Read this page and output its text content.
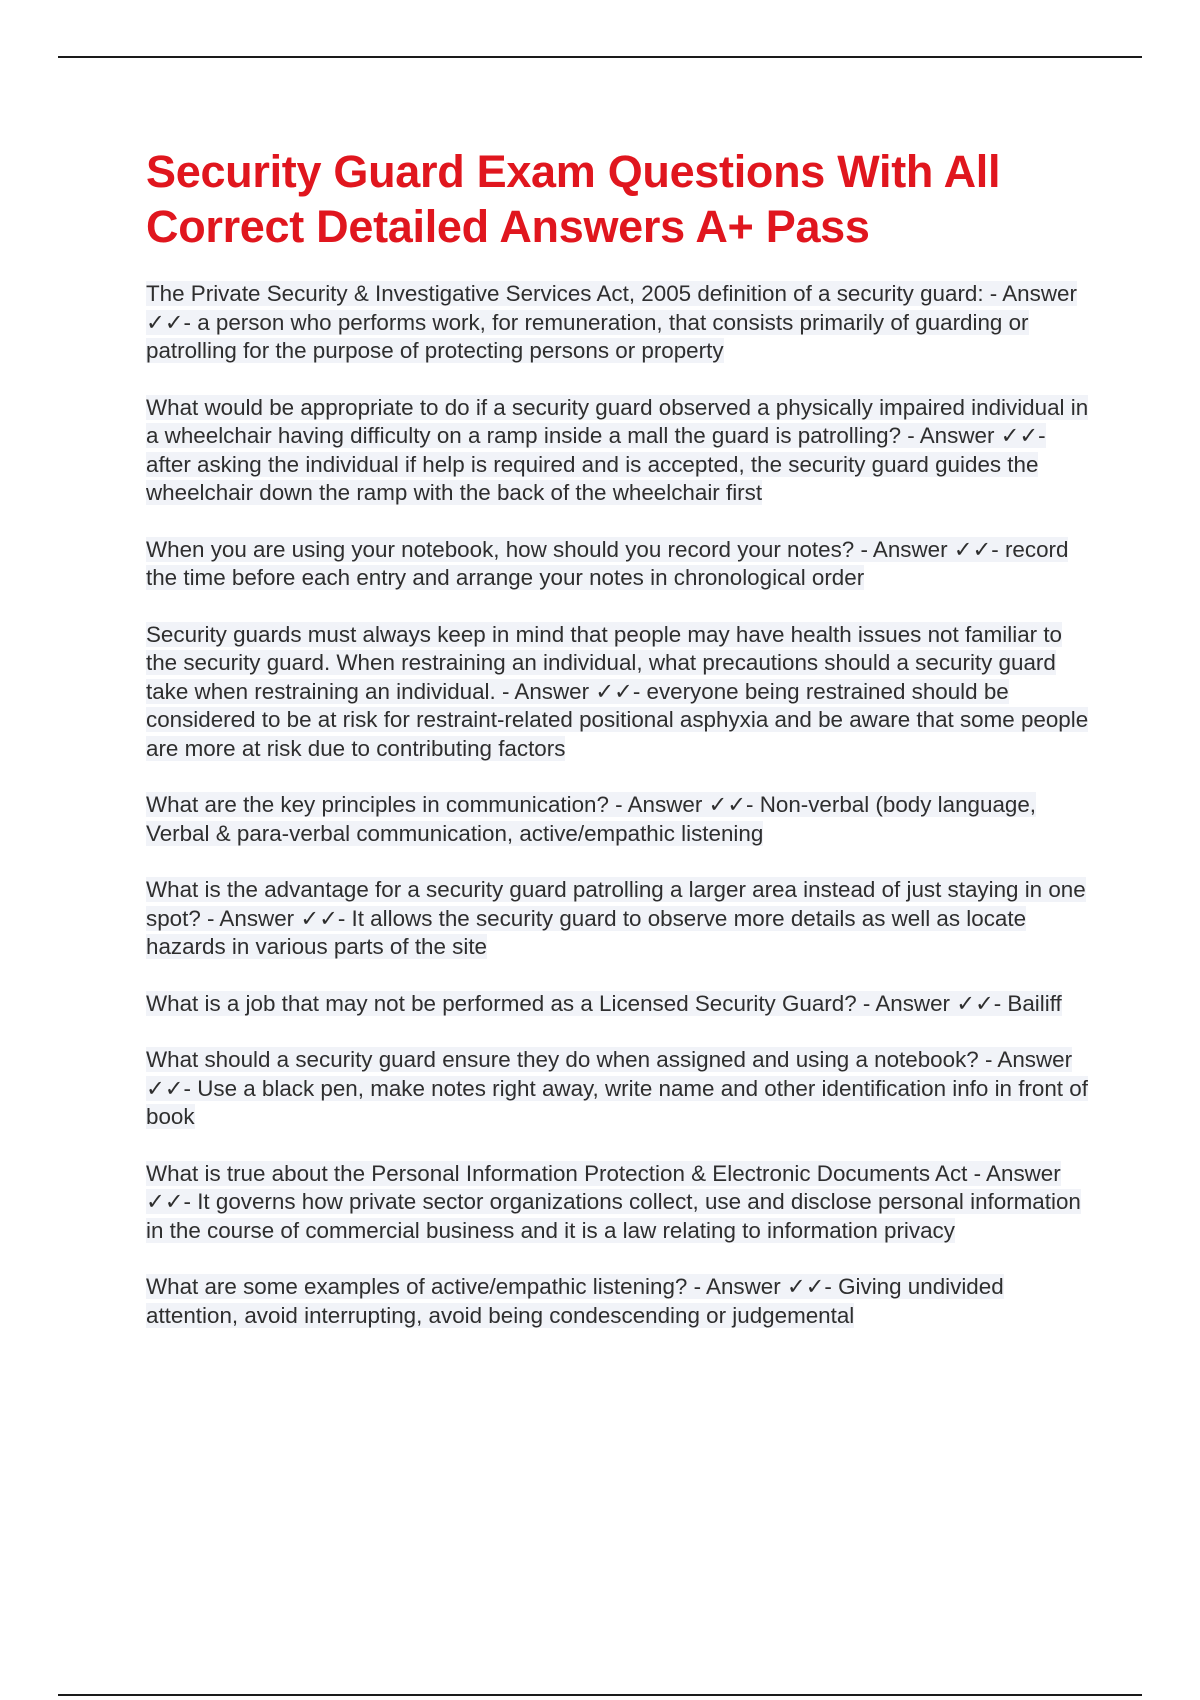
Security Guard Exam Questions With All Correct Detailed Answers A+ Pass

The Private Security & Investigative Services Act, 2005 definition of a security guard: - Answer ✓✓- a person who performs work, for remuneration, that consists primarily of guarding or patrolling for the purpose of protecting persons or property

What would be appropriate to do if a security guard observed a physically impaired individual in a wheelchair having difficulty on a ramp inside a mall the guard is patrolling? - Answer ✓✓- after asking the individual if help is required and is accepted, the security guard guides the wheelchair down the ramp with the back of the wheelchair first

When you are using your notebook, how should you record your notes? - Answer ✓✓- record the time before each entry and arrange your notes in chronological order

Security guards must always keep in mind that people may have health issues not familiar to the security guard. When restraining an individual, what precautions should a security guard take when restraining an individual. - Answer ✓✓- everyone being restrained should be considered to be at risk for restraint-related positional asphyxia and be aware that some people are more at risk due to contributing factors

What are the key principles in communication? - Answer ✓✓- Non-verbal (body language, Verbal & para-verbal communication, active/empathic listening

What is the advantage for a security guard patrolling a larger area instead of just staying in one spot? - Answer ✓✓- It allows the security guard to observe more details as well as locate hazards in various parts of the site

What is a job that may not be performed as a Licensed Security Guard? - Answer ✓✓- Bailiff

What should a security guard ensure they do when assigned and using a notebook? - Answer ✓✓- Use a black pen, make notes right away, write name and other identification info in front of book

What is true about the Personal Information Protection & Electronic Documents Act - Answer ✓✓- It governs how private sector organizations collect, use and disclose personal information in the course of commercial business and it is a law relating to information privacy

What are some examples of active/empathic listening? - Answer ✓✓- Giving undivided attention, avoid interrupting, avoid being condescending or judgemental
